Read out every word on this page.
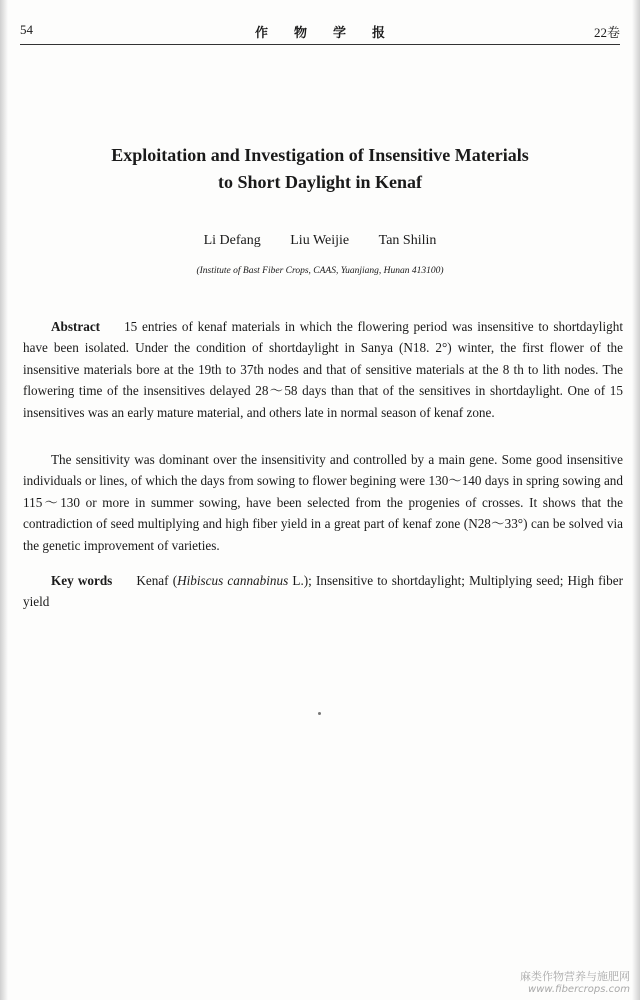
54	作物学报	22卷
Exploitation and Investigation of Insensitive Materials
to Short Daylight in Kenaf
Li Defang Liu Weijie Tan Shilin
(Institute of Bast Fiber Crops, CAAS, Yuanjiang, Hunan 413100)
Abstract 15 entries of kenaf materials in which the flowering period was insensitive to shortdaylight have been isolated. Under the condition of shortdaylight in Sanya (N18. 2°) winter, the first flower of the insensitive materials bore at the 19th to 37th nodes and that of sensitive materials at the 8 th to lith nodes. The flowering time of the insensitives delayed 28～58 days than that of the sensitives in shortdaylight. One of 15 insensitives was an early mature material, and others late in normal season of kenaf zone.
The sensitivity was dominant over the insensitivity and controlled by a main gene. Some good insensitive individuals or lines, of which the days from sowing to flower begining were 130～140 days in spring sowing and 115～130 or more in summer sowing, have been selected from the progenies of crosses. It shows that the contradiction of seed multiplying and high fiber yield in a great part of kenaf zone (N28～33°) can be solved via the genetic improvement of varieties.
Key words Kenaf (Hibiscus cannabinus L.); Insensitive to shortdaylight; Multiplying seed; High fiber yield
麻类作物营养与施肥网
www.fibercrops.com
